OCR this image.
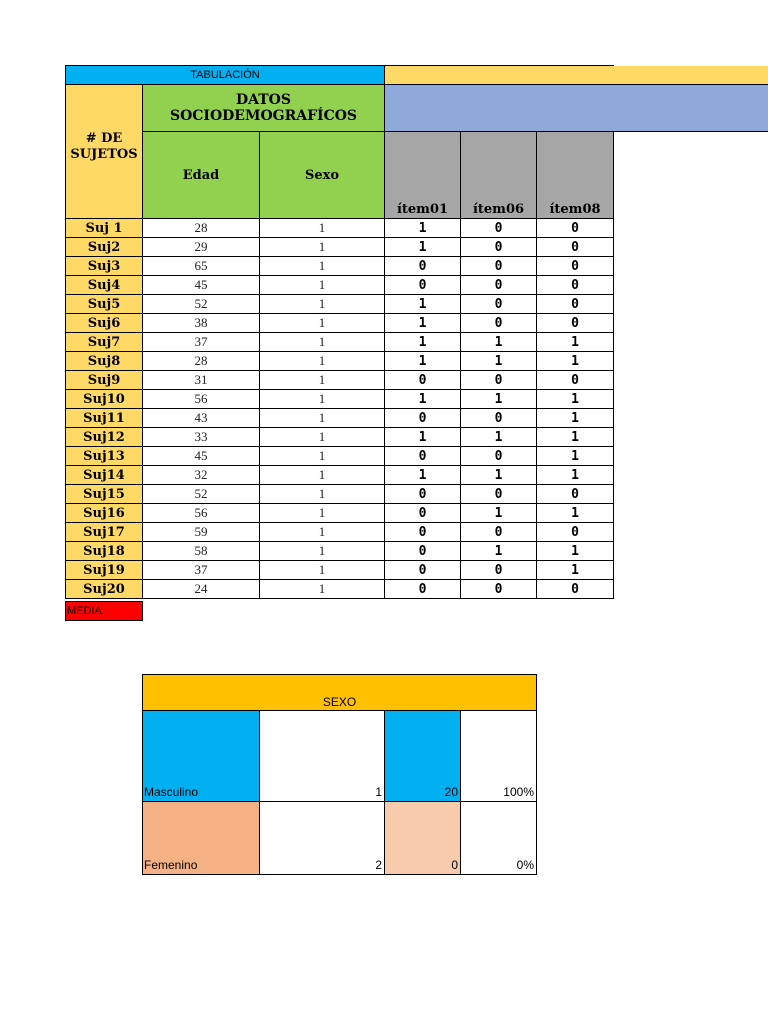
TABULACIÓN
# DE SUJETOS
DATOS SOCIODEMOGRAFÍCOS
Edad	Sexo
ítem01 ítem06 ítem08
Suj 1	28	1	1	0	0
Suj2	29	1	1	0	0
Suj3	65	1	0	0	0
Suj4	45	1	0	0	0
Suj5	52	1	1	0	0
Suj6	38	1	1	0	0
Suj7	37	1	1	1	1
Suj8	28	1	1	1	1
Suj9	31	1	0	0	0
Suj10	56	1	1	1	1
Suj11	43	1	0	0	1
Suj12	33	1	1	1	1
Suj13	45	1	0	0	1
Suj14	32	1	1	1	1
Suj15	52	1	0	0	0
Suj16	56	1	0	1	1
Suj17	59	1	0	0	0
Suj18	58	1	0	1	1
Suj19	37	1	0	0	1
Suj20	24	1	0	0	0
MEDIA
SEXO
Masculino	1	20	100%
Femenino	2	0	0%
